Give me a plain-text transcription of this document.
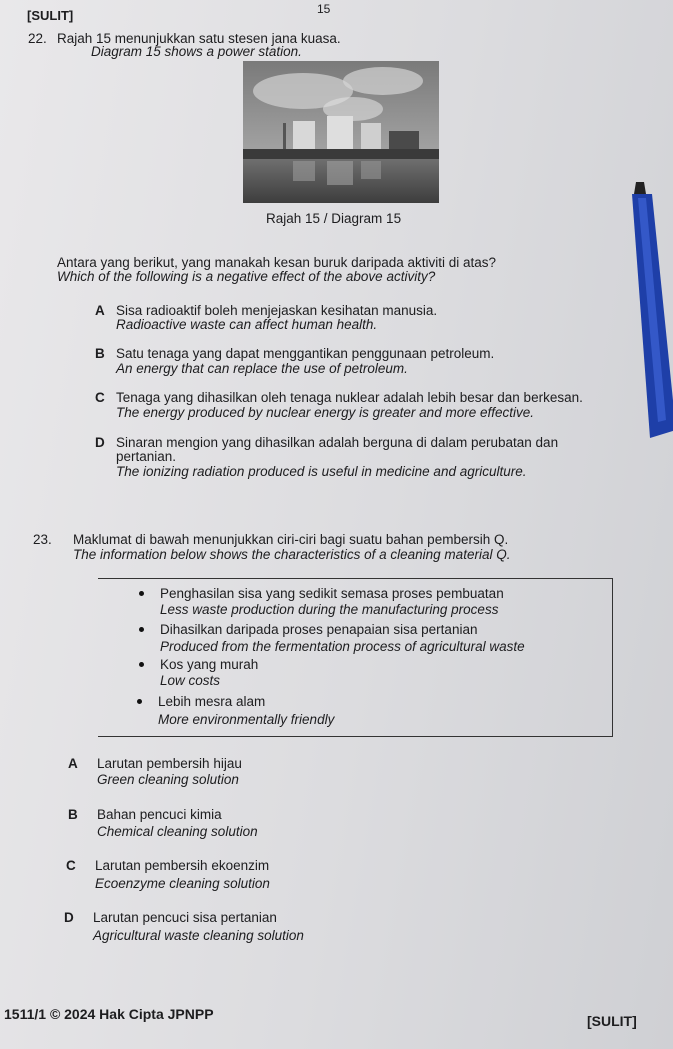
[SULIT]	15
22. Rajah 15 menunjukkan satu stesen jana kuasa.
Diagram 15 shows a power station.
Rajah 15 / Diagram 15
Antara yang berikut, yang manakah kesan buruk daripada aktiviti di atas?
Which of the following is a negative effect of the above activity?
A Sisa radioaktif boleh menjejaskan kesihatan manusia.
Radioactive waste can affect human health.
B Satu tenaga yang dapat menggantikan penggunaan petroleum.
An energy that can replace the use of petroleum.
C Tenaga yang dihasilkan oleh tenaga nuklear adalah lebih besar dan berkesan.
The energy produced by nuclear energy is greater and more effective.
D Sinaran mengion yang dihasilkan adalah berguna di dalam perubatan dan
pertanian.
The ionizing radiation produced is useful in medicine and agriculture.
23. Maklumat di bawah menunjukkan ciri-ciri bagi suatu bahan pembersih Q.
The information below shows the characteristics of a cleaning material Q.
Penghasilan sisa yang sedikit semasa proses pembuatan
Less waste production during the manufacturing process
Dihasilkan daripada proses penapaian sisa pertanian
Produced from the fermentation process of agricultural waste
Kos yang murah
Low costs
Lebih mesra alam
More environmentally friendly
A Larutan pembersih hijau
Green cleaning solution
B Bahan pencuci kimia
Chemical cleaning solution
C Larutan pembersih ekoenzim
Ecoenzyme cleaning solution
D Larutan pencuci sisa pertanian
Agricultural waste cleaning solution
1511/1 © 2024 Hak Cipta JPNPP	[SULIT]
